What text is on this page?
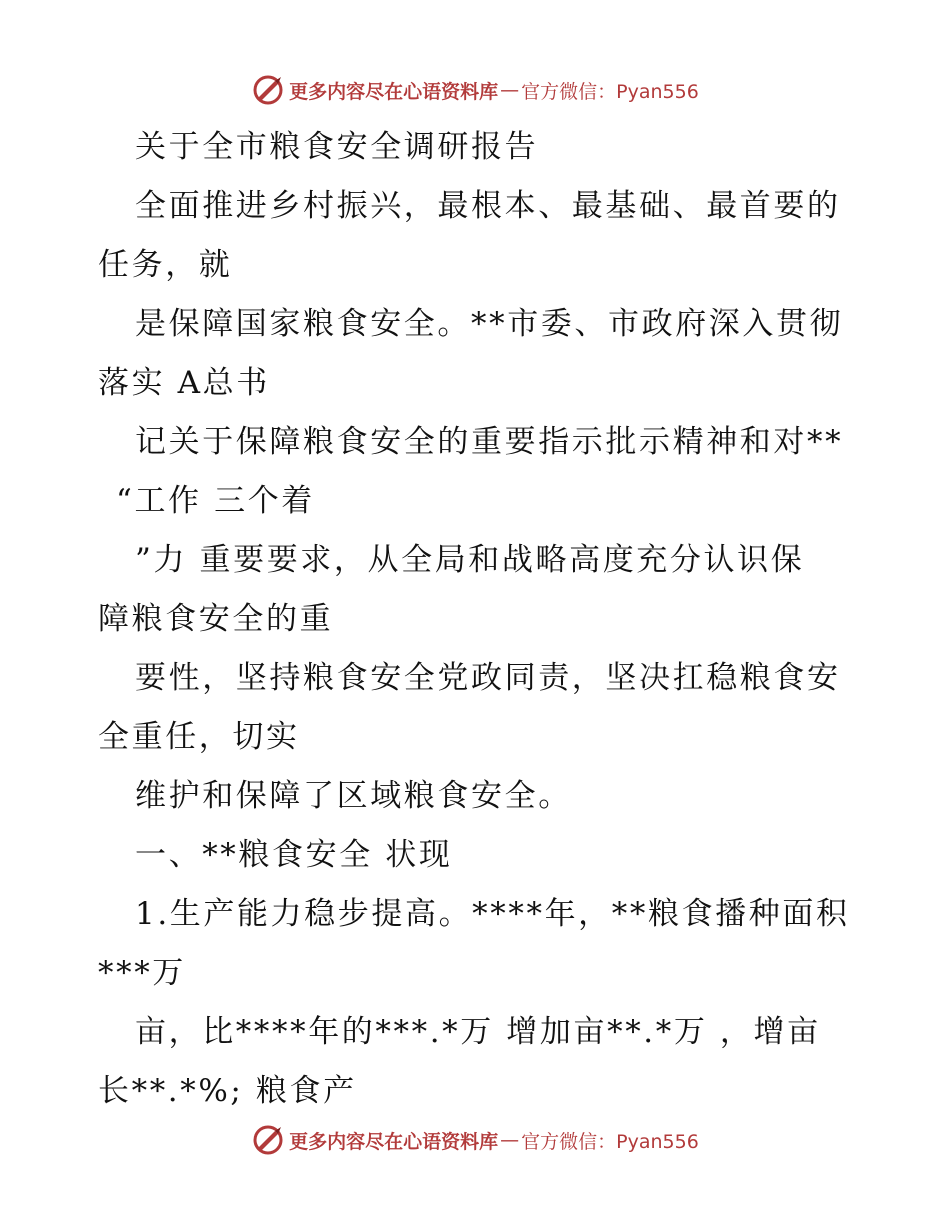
更多内容尽在心语资料库 — 官方微信：Pyan556
关于全市粮食安全调研报告
全面推进乡村振兴，最根本、最基础、最首要的
任务，就
是保障国家粮食安全。**市委、市政府深入贯彻
落实 A总书
记关于保障粮食安全的重要指示批示精神和对**
“工作 三个着
”力 重要要求，从全局和战略高度充分认识保
障粮食安全的重
要性，坚持粮食安全党政同责，坚决扛稳粮食安
全重任，切实
维护和保障了区域粮食安全。
一、**粮食安全 状现
1.生产能力稳步提高。****年，**粮食播种面积
***万
亩，比****年的***.*万 增加亩**.*万 ，增亩
长**.*%; 粮食产
更多内容尽在心语资料库 — 官方微信：Pyan556
